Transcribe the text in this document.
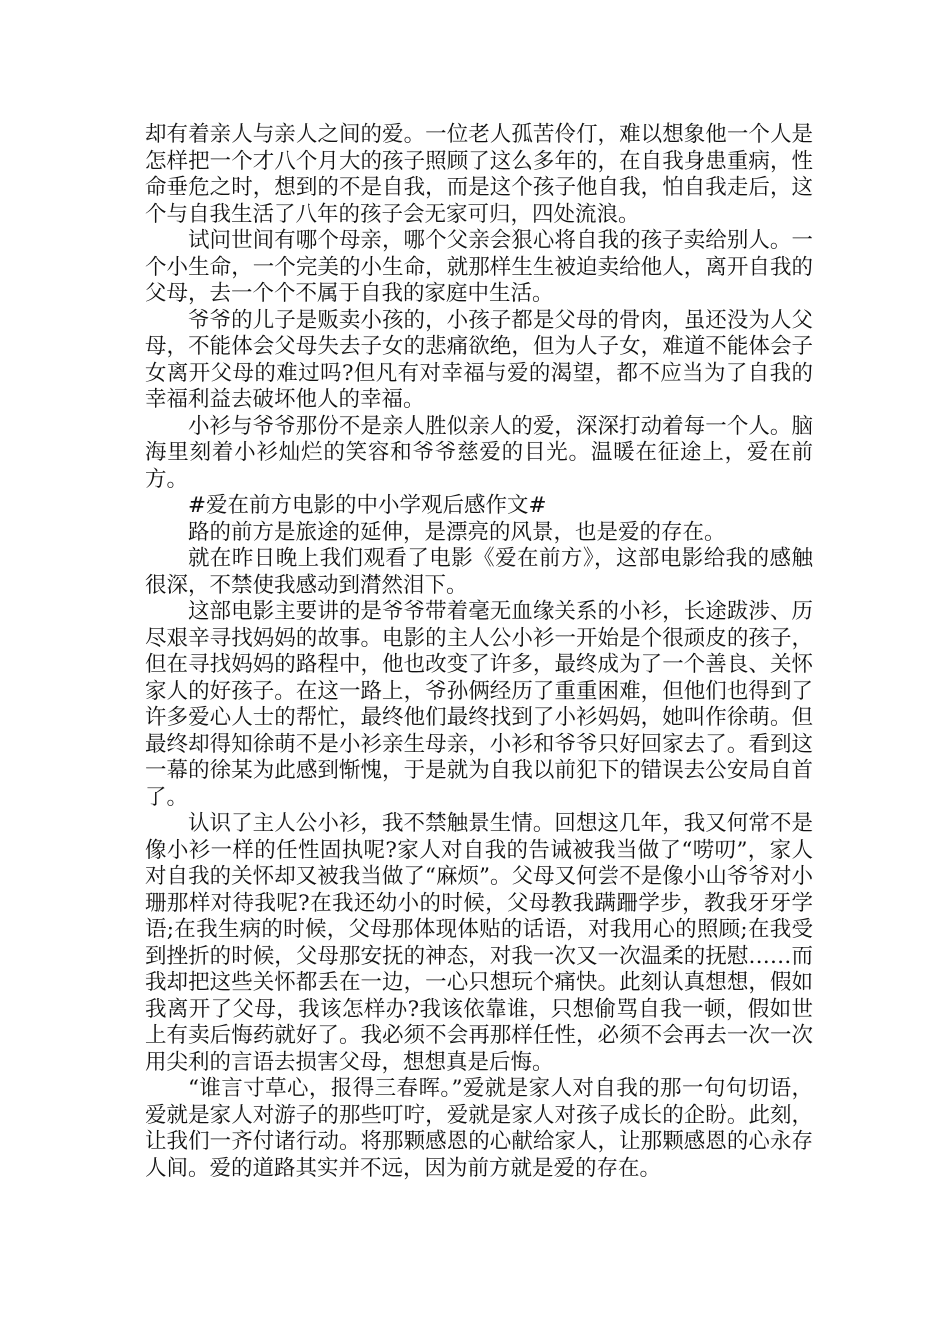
却有着亲人与亲人之间的爱。一位老人孤苦伶仃，难以想象他一个人是怎样把一个才八个月大的孩子照顾了这么多年的，在自我身患重病，性命垂危之时，想到的不是自我，而是这个孩子他自我，怕自我走后，这个与自我生活了八年的孩子会无家可归，四处流浪。

试问世间有哪个母亲，哪个父亲会狠心将自我的孩子卖给别人。一个小生命，一个完美的小生命，就那样生生被迫卖给他人，离开自我的父母，去一个个不属于自我的家庭中生活。

爷爷的儿子是贩卖小孩的，小孩子都是父母的骨肉，虽还没为人父母，不能体会父母失去子女的悲痛欲绝，但为人子女，难道不能体会子女离开父母的难过吗?但凡有对幸福与爱的渴望，都不应当为了自我的幸福利益去破坏他人的幸福。

小衫与爷爷那份不是亲人胜似亲人的爱，深深打动着每一个人。脑海里刻着小衫灿烂的笑容和爷爷慈爱的目光。温暖在征途上，爱在前方。

#爱在前方电影的中小学观后感作文#

路的前方是旅途的延伸，是漂亮的风景，也是爱的存在。

就在昨日晚上我们观看了电影《爱在前方》，这部电影给我的感触很深，不禁使我感动到潸然泪下。

这部电影主要讲的是爷爷带着毫无血缘关系的小衫，长途跋涉、历尽艰辛寻找妈妈的故事。电影的主人公小衫一开始是个很顽皮的孩子，但在寻找妈妈的路程中，他也改变了许多，最终成为了一个善良、关怀家人的好孩子。在这一路上，爷孙俩经历了重重困难，但他们也得到了许多爱心人士的帮忙，最终他们最终找到了小衫妈妈，她叫作徐萌。但最终却得知徐萌不是小衫亲生母亲，小衫和爷爷只好回家去了。看到这一幕的徐某为此感到惭愧，于是就为自我以前犯下的错误去公安局自首了。

认识了主人公小衫，我不禁触景生情。回想这几年，我又何常不是像小衫一样的任性固执呢?家人对自我的告诫被我当做了“唠叨”，家人对自我的关怀却又被我当做了“麻烦”。父母又何尝不是像小山爷爷对小珊那样对待我呢?在我还幼小的时候，父母教我蹒跚学步，教我牙牙学语;在我生病的时候，父母那体现体贴的话语，对我用心的照顾;在我受到挫折的时候，父母那安抚的神态，对我一次又一次温柔的抚慰……而我却把这些关怀都丢在一边，一心只想玩个痛快。此刻认真想想，假如我离开了父母，我该怎样办?我该依靠谁，只想偷骂自我一顿，假如世上有卖后悔药就好了。我必须不会再那样任性，必须不会再去一次一次用尖利的言语去损害父母，想想真是后悔。

“谁言寸草心，报得三春晖。”爱就是家人对自我的那一句句切语，爱就是家人对游子的那些叮咛，爱就是家人对孩子成长的企盼。此刻，让我们一齐付诸行动。将那颗感恩的心献给家人，让那颗感恩的心永存人间。爱的道路其实并不远，因为前方就是爱的存在。
